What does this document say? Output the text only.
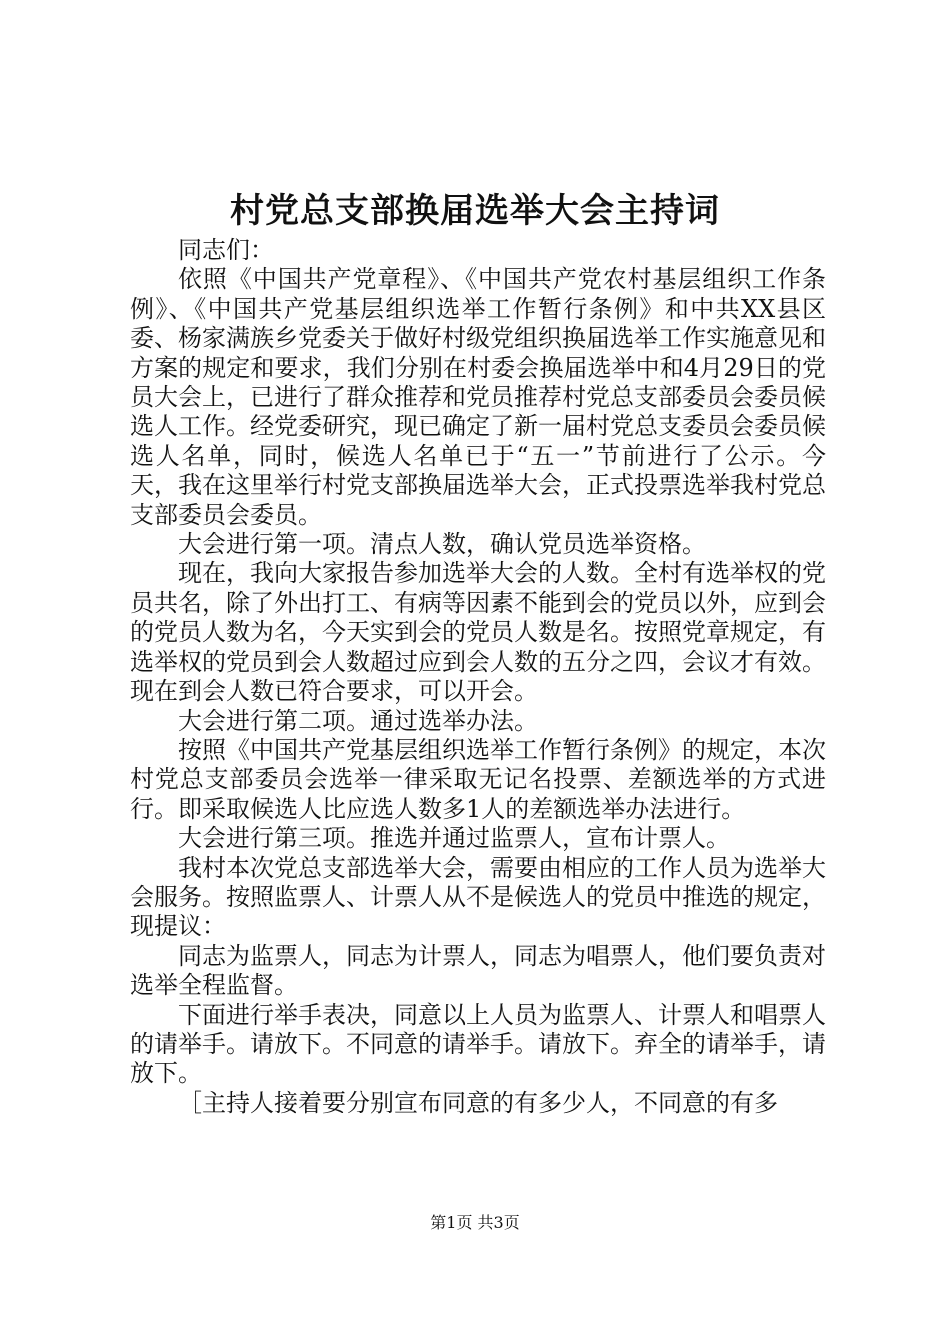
村党总支部换届选举大会主持词

同志们：

依照《中国共产党章程》、《中国共产党农村基层组织工作条例》、《中国共产党基层组织选举工作暂行条例》和中共XX县区委、杨家满族乡党委关于做好村级党组织换届选举工作实施意见和方案的规定和要求，我们分别在村委会换届选举中和4月29日的党员大会上，已进行了群众推荐和党员推荐村党总支部委员会委员候选人工作。经党委研究，现已确定了新一届村党总支委员会委员候选人名单，同时，候选人名单已于“五一”节前进行了公示。今天，我在这里举行村党支部换届选举大会，正式投票选举我村党总支部委员会委员。

大会进行第一项。清点人数，确认党员选举资格。

现在，我向大家报告参加选举大会的人数。全村有选举权的党员共名，除了外出打工、有病等因素不能到会的党员以外，应到会的党员人数为名，今天实到会的党员人数是名。按照党章规定，有选举权的党员到会人数超过应到会人数的五分之四，会议才有效。现在到会人数已符合要求，可以开会。

大会进行第二项。通过选举办法。

按照《中国共产党基层组织选举工作暂行条例》的规定，本次村党总支部委员会选举一律采取无记名投票、差额选举的方式进行。即采取候选人比应选人数多1人的差额选举办法进行。

大会进行第三项。推选并通过监票人，宣布计票人。

我村本次党总支部选举大会，需要由相应的工作人员为选举大会服务。按照监票人、计票人从不是候选人的党员中推选的规定，现提议：

同志为监票人，同志为计票人，同志为唱票人，他们要负责对选举全程监督。

下面进行举手表决，同意以上人员为监票人、计票人和唱票人的请举手。请放下。不同意的请举手。请放下。弃全的请举手，请放下。

［主持人接着要分别宣布同意的有多少人，不同意的有多

第1页 共3页
